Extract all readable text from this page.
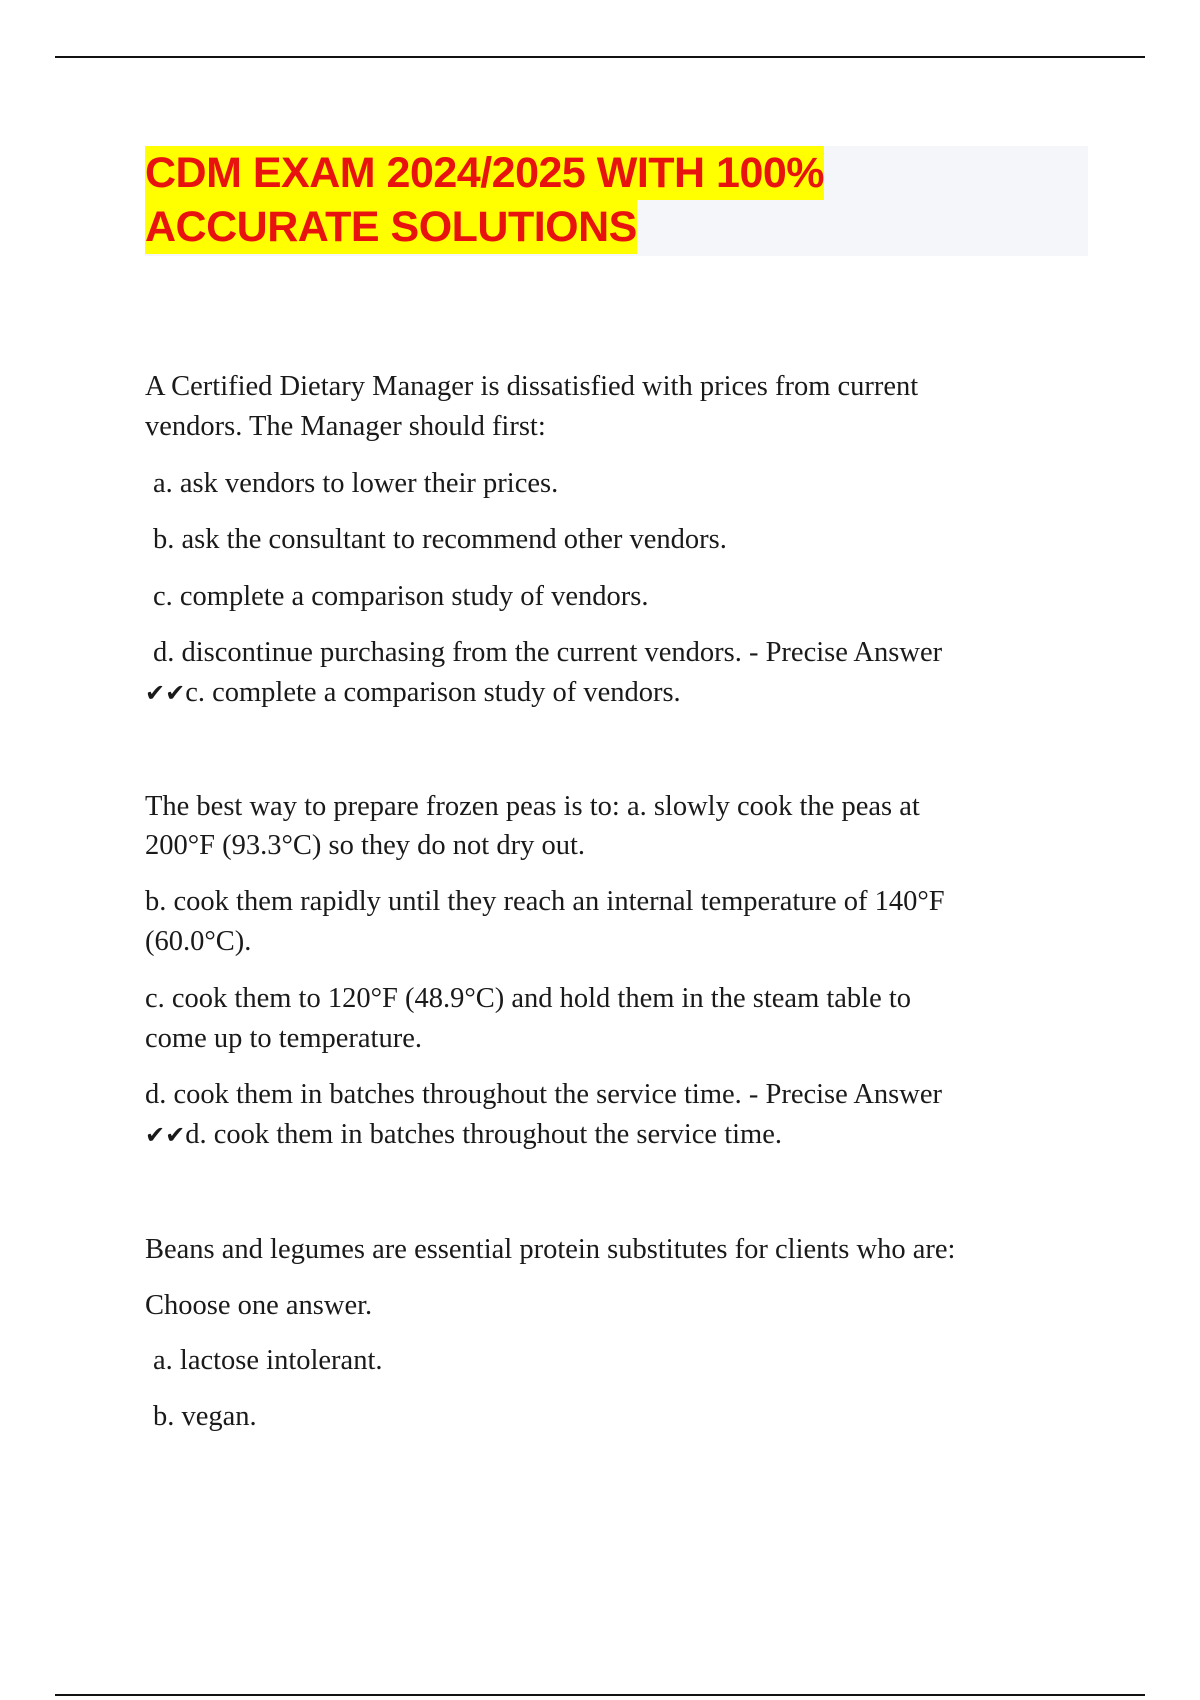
CDM EXAM 2024/2025 WITH 100%
ACCURATE SOLUTIONS
A Certified Dietary Manager is dissatisfied with prices from current
vendors. The Manager should first:
a. ask vendors to lower their prices.
b. ask the consultant to recommend other vendors.
c. complete a comparison study of vendors.
d. discontinue purchasing from the current vendors. - Precise Answer
✔✔c. complete a comparison study of vendors.
The best way to prepare frozen peas is to: a. slowly cook the peas at
200°F (93.3°C) so they do not dry out.
b. cook them rapidly until they reach an internal temperature of 140°F
(60.0°C).
c. cook them to 120°F (48.9°C) and hold them in the steam table to
come up to temperature.
d. cook them in batches throughout the service time. - Precise Answer
✔✔d. cook them in batches throughout the service time.
Beans and legumes are essential protein substitutes for clients who are:
Choose one answer.
a. lactose intolerant.
b. vegan.
